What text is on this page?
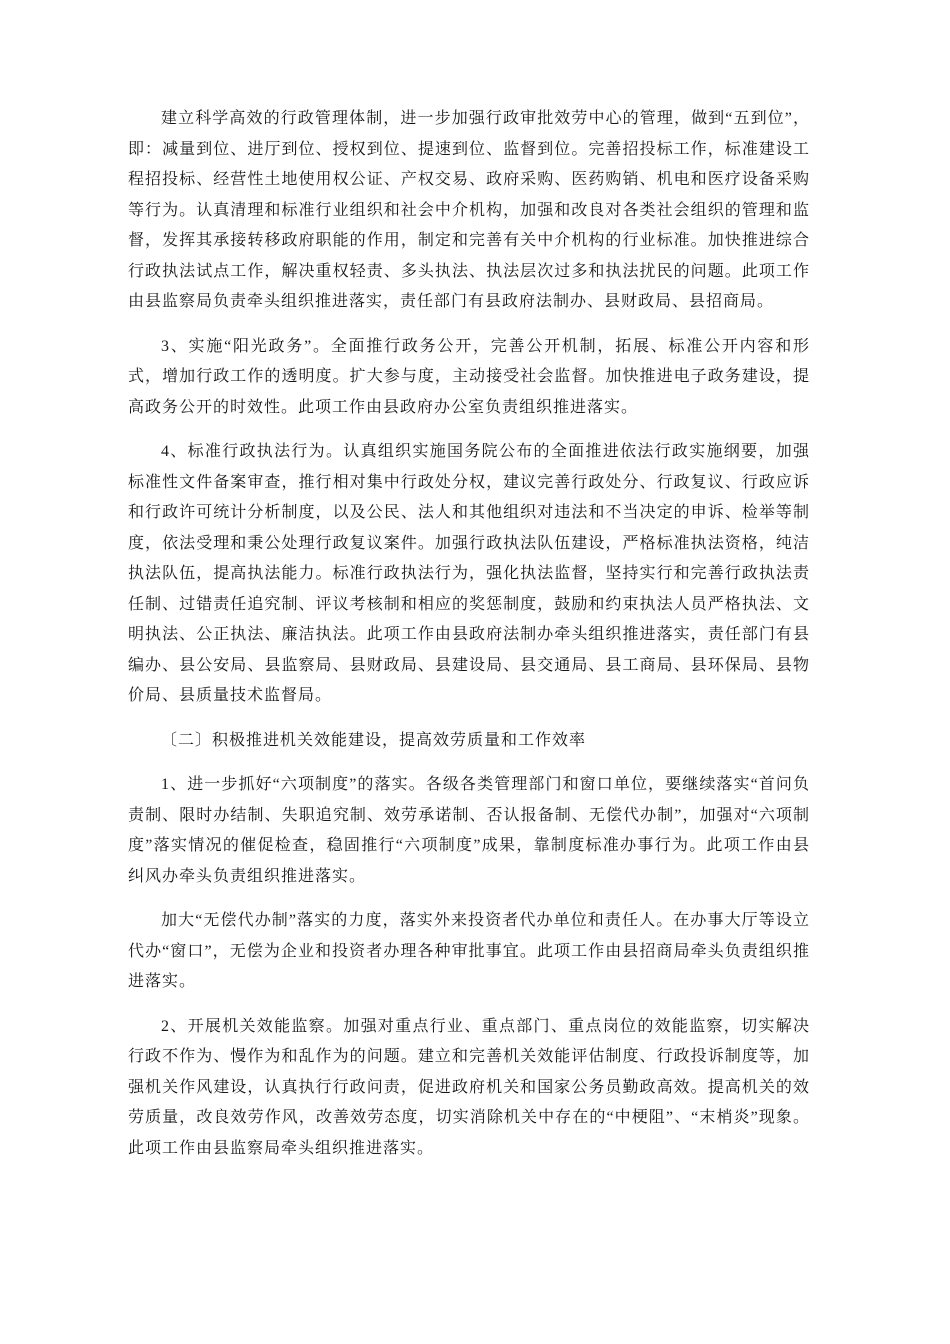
建立科学高效的行政管理体制，进一步加强行政审批效劳中心的管理，做到“五到位”，即：减量到位、进厅到位、授权到位、提速到位、监督到位。完善招投标工作，标准建设工程招投标、经营性土地使用权公证、产权交易、政府采购、医药购销、机电和医疗设备采购等行为。认真清理和标准行业组织和社会中介机构，加强和改良对各类社会组织的管理和监督，发挥其承接转移政府职能的作用，制定和完善有关中介机构的行业标准。加快推进综合行政执法试点工作，解决重权轻责、多头执法、执法层次过多和执法扰民的问题。此项工作由县监察局负责牵头组织推进落实，责任部门有县政府法制办、县财政局、县招商局。

3、实施“阳光政务”。全面推行政务公开，完善公开机制，拓展、标准公开内容和形式，增加行政工作的透明度。扩大参与度，主动接受社会监督。加快推进电子政务建设，提高政务公开的时效性。此项工作由县政府办公室负责组织推进落实。

4、标准行政执法行为。认真组织实施国务院公布的全面推进依法行政实施纲要，加强标准性文件备案审查，推行相对集中行政处分权，建议完善行政处分、行政复议、行政应诉和行政许可统计分析制度，以及公民、法人和其他组织对违法和不当决定的申诉、检举等制度，依法受理和秉公处理行政复议案件。加强行政执法队伍建设，严格标准执法资格，纯洁执法队伍，提高执法能力。标准行政执法行为，强化执法监督，坚持实行和完善行政执法责任制、过错责任追究制、评议考核制和相应的奖惩制度，鼓励和约束执法人员严格执法、文明执法、公正执法、廉洁执法。此项工作由县政府法制办牵头组织推进落实，责任部门有县编办、县公安局、县监察局、县财政局、县建设局、县交通局、县工商局、县环保局、县物价局、县质量技术监督局。

〔二〕积极推进机关效能建设，提高效劳质量和工作效率

1、进一步抓好“六项制度”的落实。各级各类管理部门和窗口单位，要继续落实“首问负责制、限时办结制、失职追究制、效劳承诺制、否认报备制、无偿代办制”，加强对“六项制度”落实情况的催促检查，稳固推行“六项制度”成果，靠制度标准办事行为。此项工作由县纠风办牵头负责组织推进落实。

加大“无偿代办制”落实的力度，落实外来投资者代办单位和责任人。在办事大厅等设立代办“窗口”，无偿为企业和投资者办理各种审批事宜。此项工作由县招商局牵头负责组织推进落实。

2、开展机关效能监察。加强对重点行业、重点部门、重点岗位的效能监察，切实解决行政不作为、慢作为和乱作为的问题。建立和完善机关效能评估制度、行政投诉制度等，加强机关作风建设，认真执行行政问责，促进政府机关和国家公务员勤政高效。提高机关的效劳质量，改良效劳作风，改善效劳态度，切实消除机关中存在的“中梗阻”、“末梢炎”现象。此项工作由县监察局牵头组织推进落实。
